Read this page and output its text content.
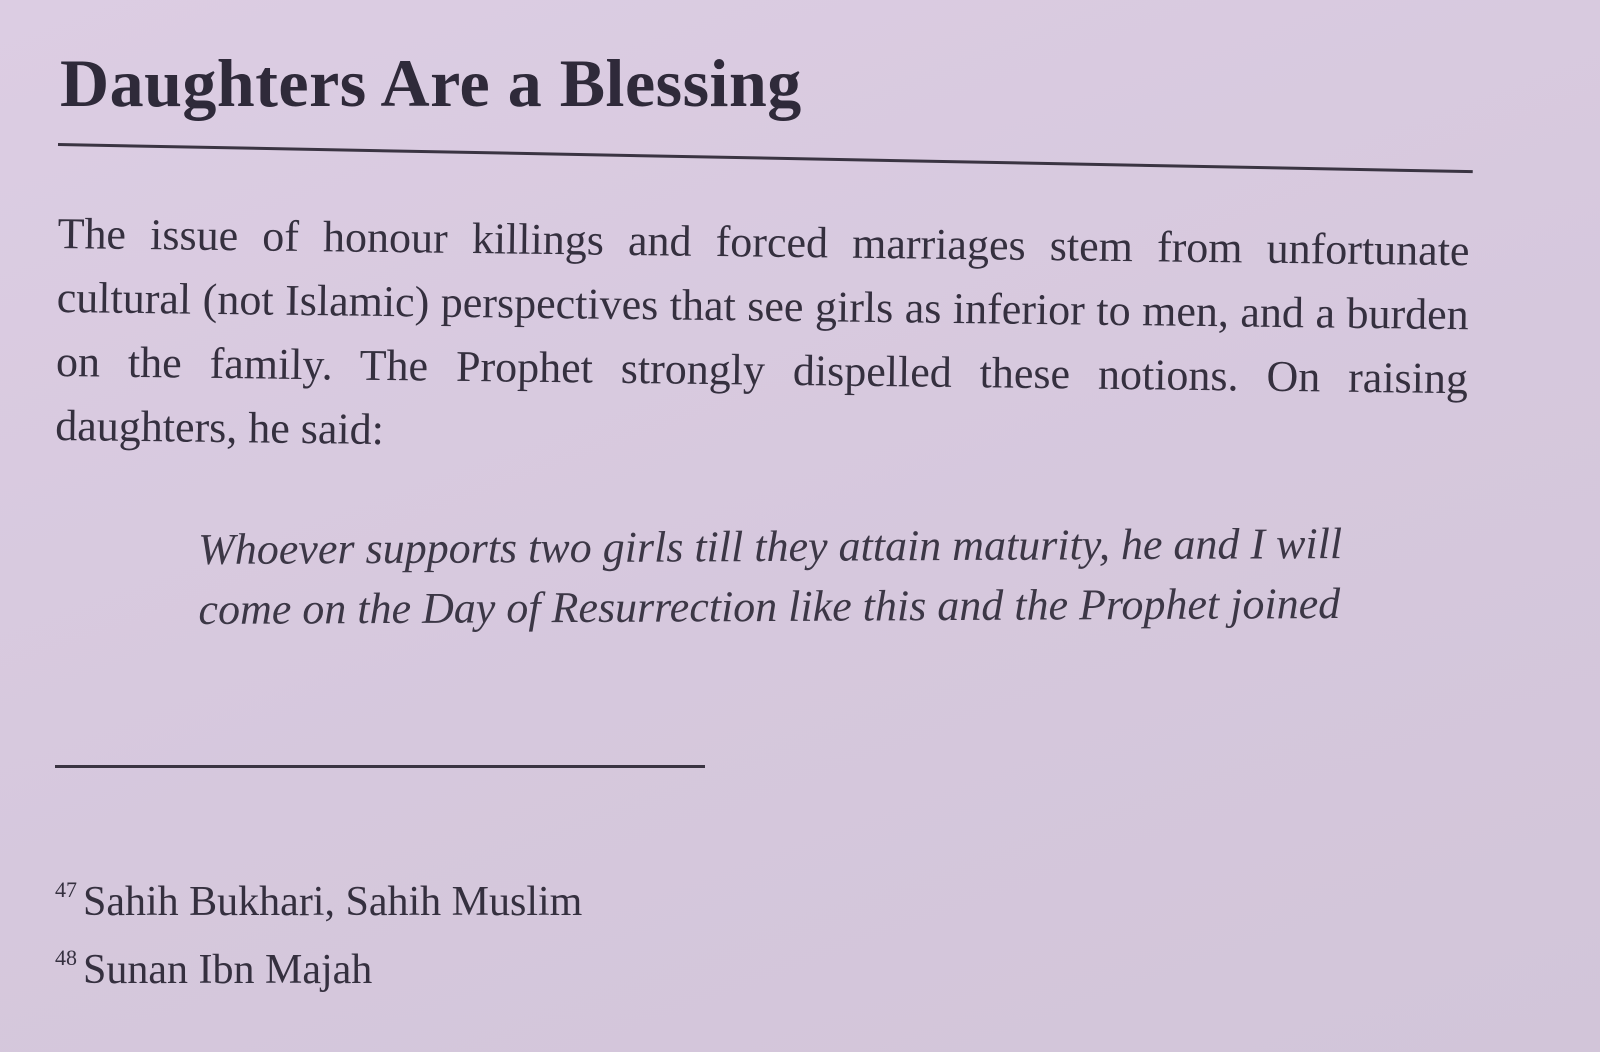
Daughters Are a Blessing

The issue of honour killings and forced marriages stem from unfortunate cultural (not Islamic) perspectives that see girls as inferior to men, and a burden on the family. The Prophet strongly dispelled these notions. On raising daughters, he said:

Whoever supports two girls till they attain maturity, he and I will
come on the Day of Resurrection like this and the Prophet joined
$^{47}$ Sahih Bukhari, Sahih Muslim
$^{48}$ Sunan Ibn Majah
